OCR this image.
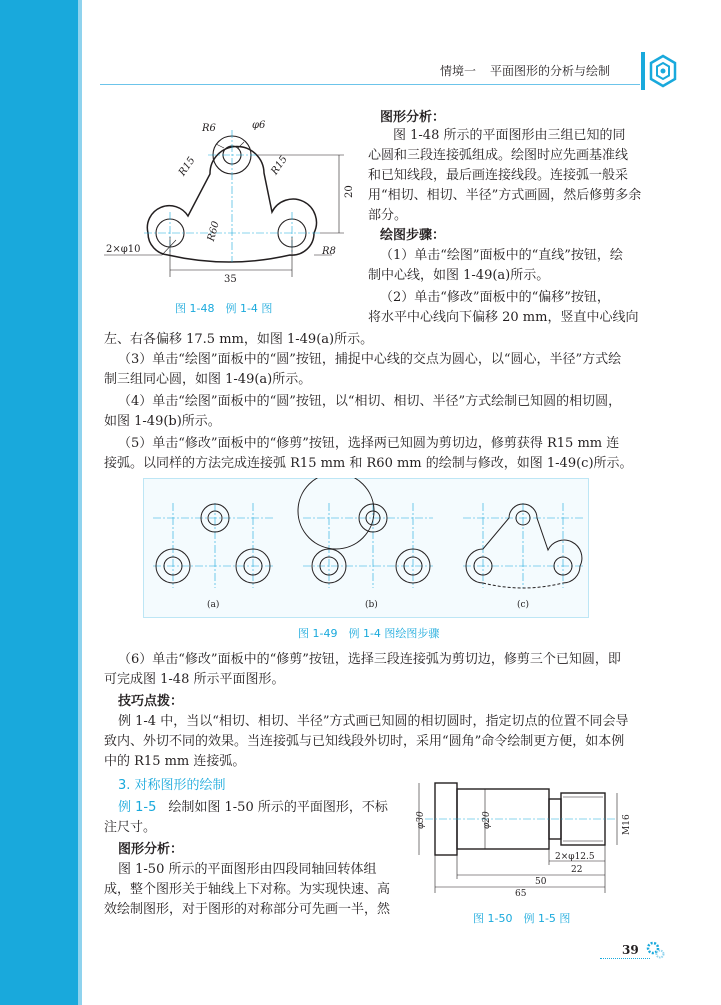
情境一 平面图形的分析与绘制
R6	φ6
R15	R15
R60
20
R8
2×φ10
35
图 1-48　例 1-4 图
图形分析：
图 1-48 所示的平面图形由三组已知的同
心圆和三段连接弧组成。绘图时应先画基准线
和已知线段，最后画连接线段。连接弧一般采
用“相切、相切、半径”方式画圆，然后修剪多余
部分。
绘图步骤：
（1）单击“绘图”面板中的“直线”按钮，绘
制中心线，如图 1-49(a)所示。
（2）单击“修改”面板中的“偏移”按钮，
将水平中心线向下偏移 20 mm，竖直中心线向
左、右各偏移 17.5 mm，如图 1-49(a)所示。
（3）单击“绘图”面板中的“圆”按钮，捕捉中心线的交点为圆心，以“圆心，半径”方式绘
制三组同心圆，如图 1-49(a)所示。
（4）单击“绘图”面板中的“圆”按钮，以“相切、相切、半径”方式绘制已知圆的相切圆，
如图 1-49(b)所示。
（5）单击“修改”面板中的“修剪”按钮，选择两已知圆为剪切边，修剪获得 R15 mm 连
接弧。以同样的方法完成连接弧 R15 mm 和 R60 mm 的绘制与修改，如图 1-49(c)所示。
(a)	(b)	(c)
图 1-49　例 1-4 图绘图步骤
（6）单击“修改”面板中的“修剪”按钮，选择三段连接弧为剪切边，修剪三个已知圆，即
可完成图 1-48 所示平面图形。
技巧点拨：
例 1-4 中，当以“相切、相切、半径”方式画已知圆的相切圆时，指定切点的位置不同会导
致内、外切不同的效果。当连接弧与已知线段外切时，采用“圆角”命令绘制更方便，如本例
中的 R15 mm 连接弧。
3. 对称图形的绘制
例 1-5 绘制如图 1-50 所示的平面图形，不标
注尺寸。
图形分析：
图 1-50 所示的平面图形由四段同轴回转体组
成，整个图形关于轴线上下对称。为实现快速、高
效绘制图形，对于图形的对称部分可先画一半，然
φ30	φ20	M16
2×φ12.5
22
50
65
图 1-50　例 1-5 图
39
